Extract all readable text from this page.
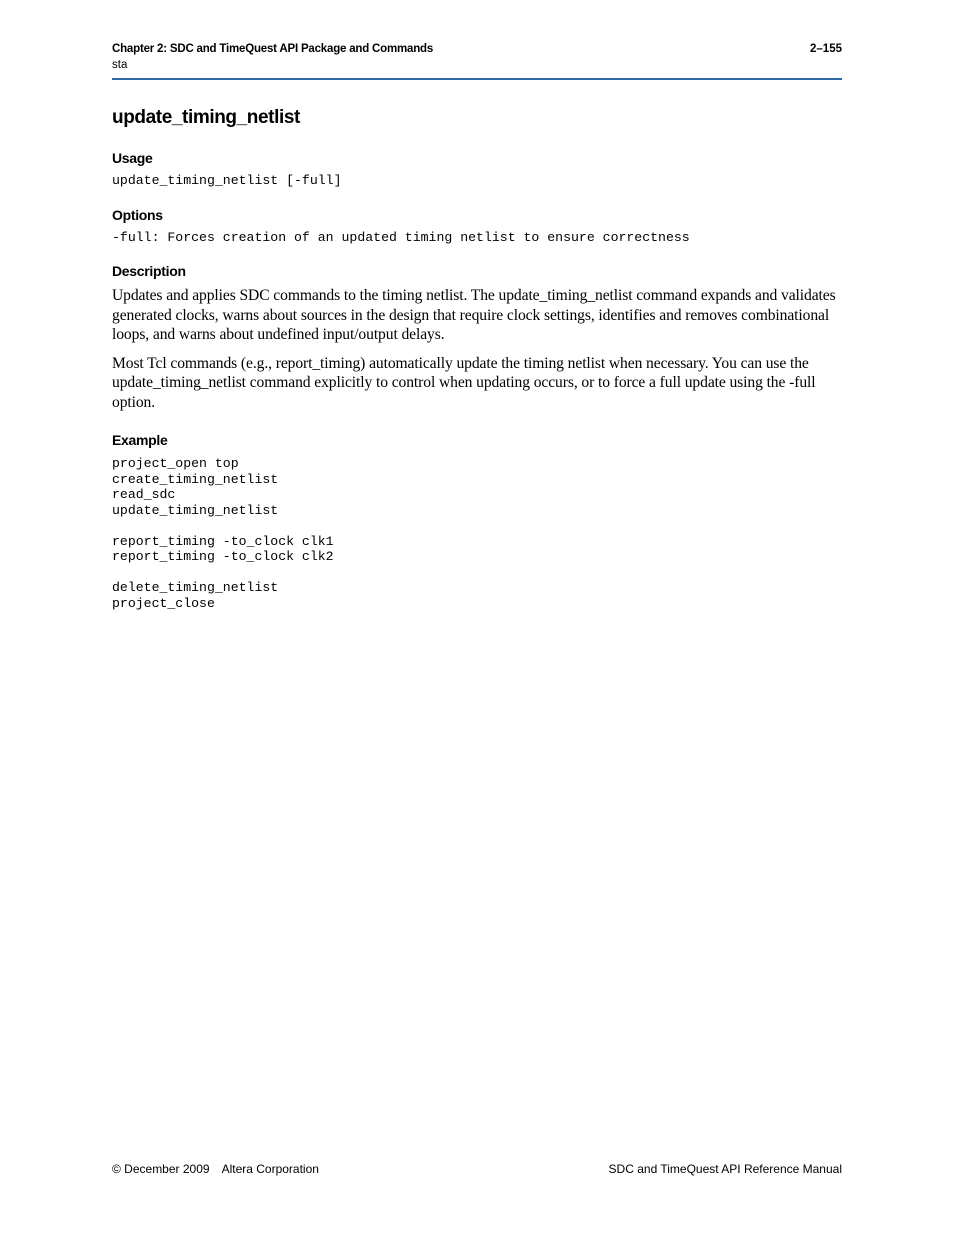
Chapter 2: SDC and TimeQuest API Package and Commands
sta
2–155
update_timing_netlist
Usage
update_timing_netlist [-full]
Options
-full: Forces creation of an updated timing netlist to ensure correctness
Description

Updates and applies SDC commands to the timing netlist. The update_timing_netlist command expands and validates generated clocks, warns about sources in the design that require clock settings, identifies and removes combinational loops, and warns about undefined input/output delays.

Most Tcl commands (e.g., report_timing) automatically update the timing netlist when necessary. You can use the update_timing_netlist command explicitly to control when updating occurs, or to force a full update using the -full option.

Example
project_open top
create_timing_netlist
read_sdc
update_timing_netlist
report_timing -to_clock clk1
report_timing -to_clock clk2
delete_timing_netlist
project_close
© December 2009 Altera Corporation	SDC and TimeQuest API Reference Manual
